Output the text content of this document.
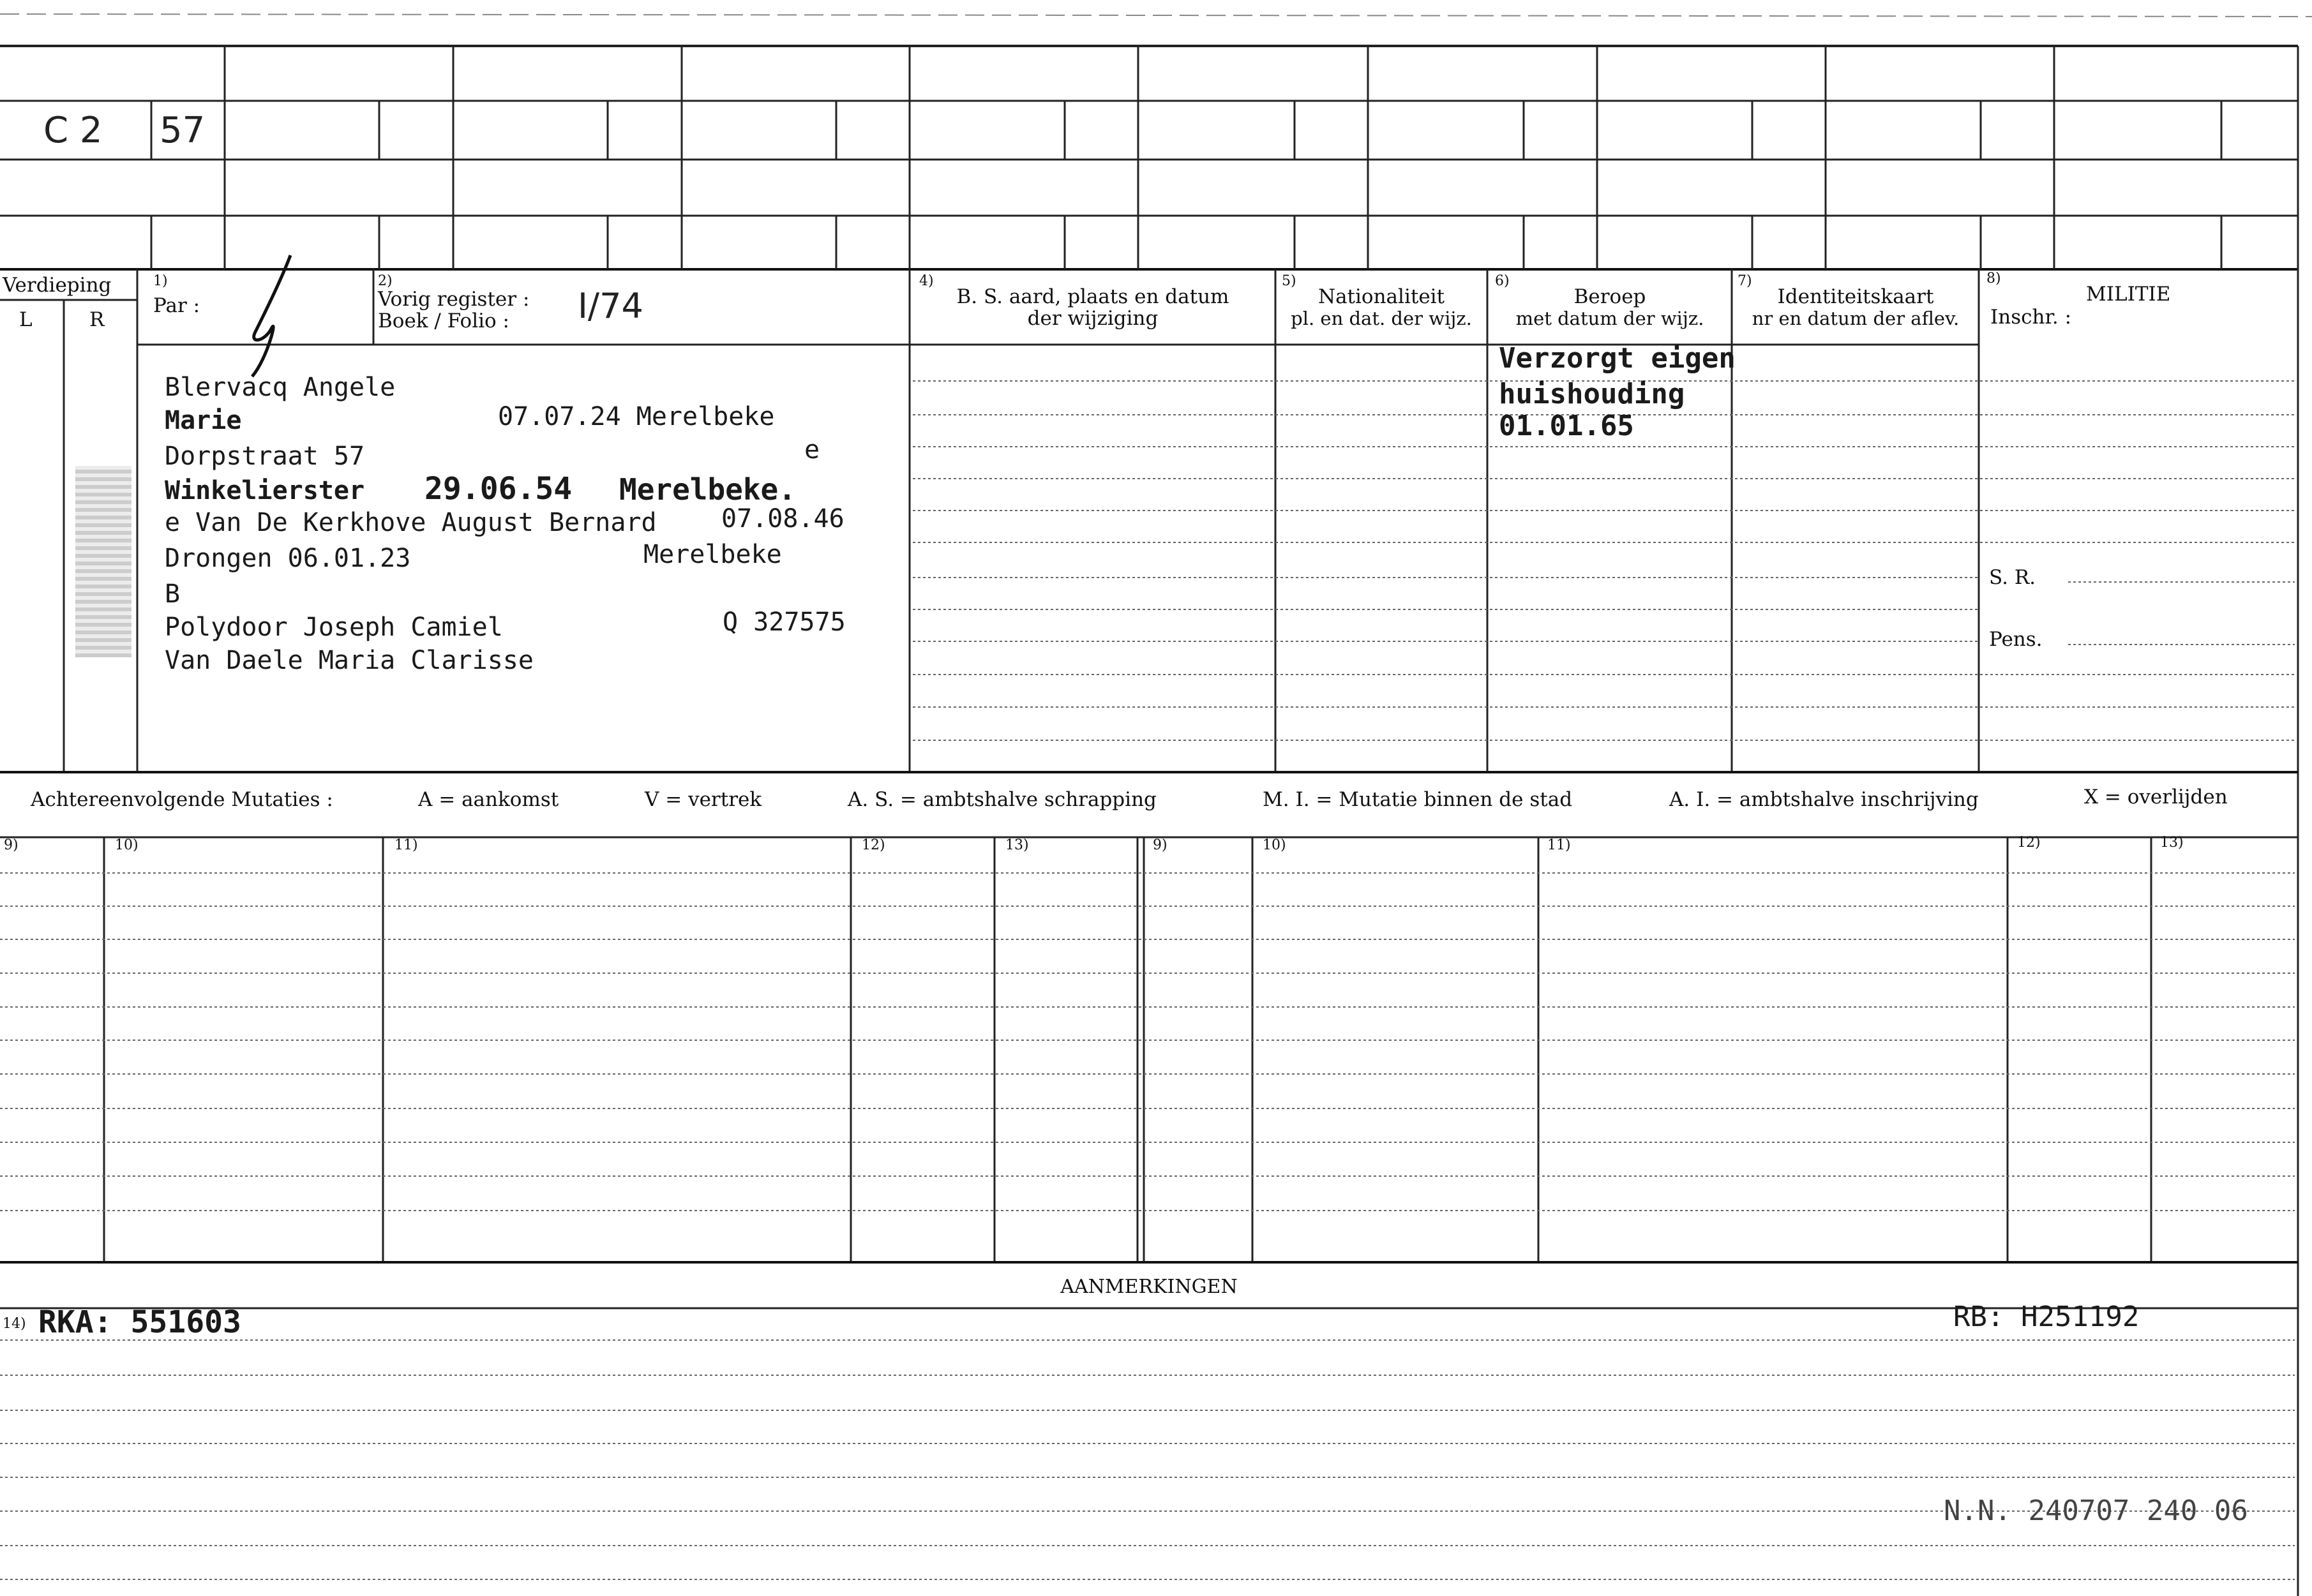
C 2 57
Verdieping
L	R
1)
Par :
2)
Vorig register :
Boek / Folio : I/74
4)
B. S. aard, plaats en datum
der wijziging
5)
Nationaliteit
pl. en dat. der wijz.
6)
Beroep
met datum der wijz.
7)
Identiteitskaart
nr en datum der aflev.
8)
MILITIE
Inschr. :
S. R.
Pens.
Blervacq Angele
Marie	07.07.24 Merelbeke
Dorpstraat 57	e
Winkelierster 29.06.54 Merelbeke.
e Van De Kerkhove August Bernard	07.08.46
Drongen 06.01.23	Merelbeke
B
Polydoor Joseph Camiel	Q 327575
Van Daele Maria Clarisse
Verzorgt eigen
huishouding
01.01.65
Achtereenvolgende Mutaties :	A = aankomst	V = vertrek	A. S. = ambtshalve schrapping	M. I. = Mutatie binnen de stad	A. I. = ambtshalve inschrijving	X = overlijden
9)	10)	11)	12)	13)	9)	10)	11)	12)	13)
AANMERKINGEN
14) RKA: 551603	RB: H251192
N.N. 240707 240 06
